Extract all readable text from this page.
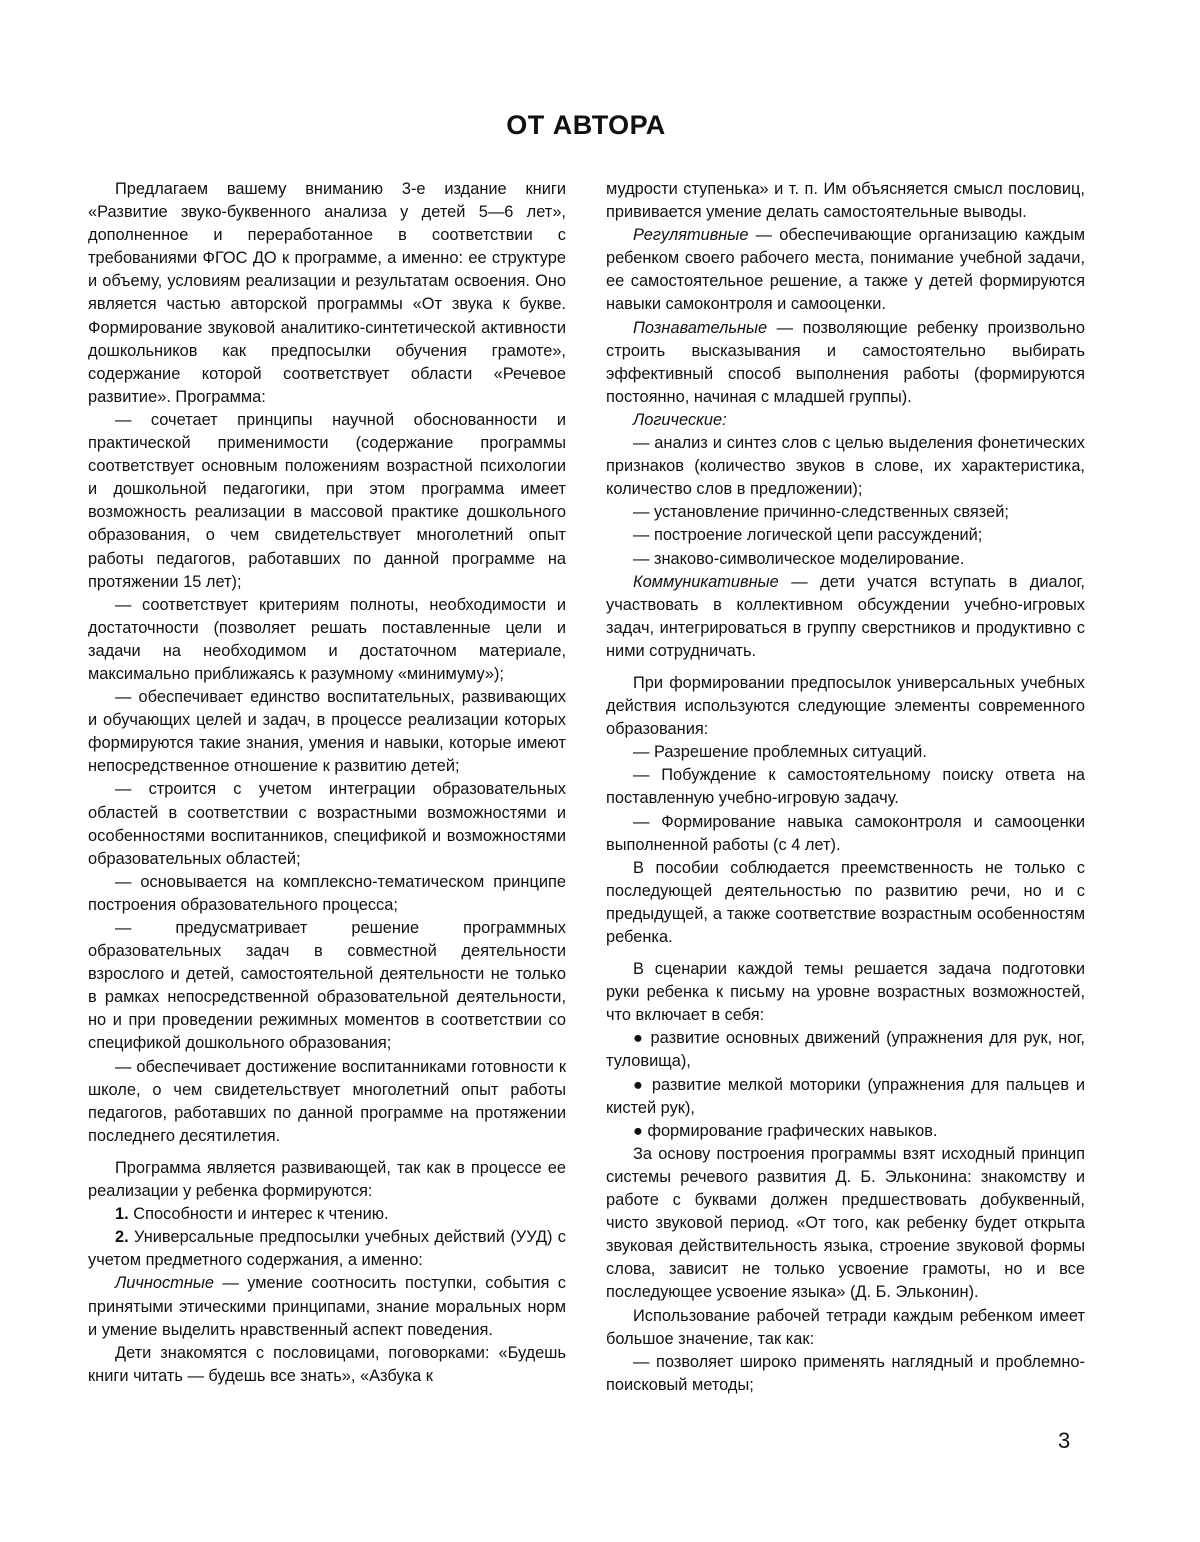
ОТ АВТОРА

Предлагаем вашему вниманию 3-е издание книги «Развитие звуко-буквенного анализа у детей 5—6 лет», дополненное и переработанное в соответствии с требованиями ФГОС ДО к программе, а именно: ее структуре и объему, условиям реализации и результатам освоения. Оно является частью авторской программы «От звука к букве. Формирование звуковой аналитико-синтетической активности дошкольников как предпосылки обучения грамоте», содержание которой соответствует области «Речевое развитие». Программа:

— сочетает принципы научной обоснованности и практической применимости (содержание программы соответствует основным положениям возрастной психологии и дошкольной педагогики, при этом программа имеет возможность реализации в массовой практике дошкольного образования, о чем свидетельствует многолетний опыт работы педагогов, работавших по данной программе на протяжении 15 лет);

— соответствует критериям полноты, необходимости и достаточности (позволяет решать поставленные цели и задачи на необходимом и достаточном материале, максимально приближаясь к разумному «минимуму»);

— обеспечивает единство воспитательных, развивающих и обучающих целей и задач, в процессе реализации которых формируются такие знания, умения и навыки, которые имеют непосредственное отношение к развитию детей;

— строится с учетом интеграции образовательных областей в соответствии с возрастными возможностями и особенностями воспитанников, спецификой и возможностями образовательных областей;

— основывается на комплексно-тематическом принципе построения образовательного процесса;

— предусматривает решение программных образовательных задач в совместной деятельности взрослого и детей, самостоятельной деятельности не только в рамках непосредственной образовательной деятельности, но и при проведении режимных моментов в соответствии со спецификой дошкольного образования;

— обеспечивает достижение воспитанниками готовности к школе, о чем свидетельствует многолетний опыт работы педагогов, работавших по данной программе на протяжении последнего десятилетия.

Программа является развивающей, так как в процессе ее реализации у ребенка формируются:

1. Способности и интерес к чтению.

2. Универсальные предпосылки учебных действий (УУД) с учетом предметного содержания, а именно:

Личностные — умение соотносить поступки, события с принятыми этическими принципами, знание моральных норм и умение выделить нравственный аспект поведения.

Дети знакомятся с пословицами, поговорками: «Будешь книги читать — будешь все знать», «Азбука к

мудрости ступенька» и т. п. Им объясняется смысл пословиц, прививается умение делать самостоятельные выводы.

Регулятивные — обеспечивающие организацию каждым ребенком своего рабочего места, понимание учебной задачи, ее самостоятельное решение, а также у детей формируются навыки самоконтроля и самооценки.

Познавательные — позволяющие ребенку произвольно строить высказывания и самостоятельно выбирать эффективный способ выполнения работы (формируются постоянно, начиная с младшей группы).

Логические:

— анализ и синтез слов с целью выделения фонетических признаков (количество звуков в слове, их характеристика, количество слов в предложении);

— установление причинно-следственных связей;

— построение логической цепи рассуждений;

— знаково-символическое моделирование.

Коммуникативные — дети учатся вступать в диалог, участвовать в коллективном обсуждении учебно-игровых задач, интегрироваться в группу сверстников и продуктивно с ними сотрудничать.

При формировании предпосылок универсальных учебных действия используются следующие элементы современного образования:

— Разрешение проблемных ситуаций.

— Побуждение к самостоятельному поиску ответа на поставленную учебно-игровую задачу.

— Формирование навыка самоконтроля и самооценки выполненной работы (с 4 лет).

В пособии соблюдается преемственность не только с последующей деятельностью по развитию речи, но и с предыдущей, а также соответствие возрастным особенностям ребенка.

В сценарии каждой темы решается задача подготовки руки ребенка к письму на уровне возрастных возможностей, что включает в себя:

● развитие основных движений (упражнения для рук, ног, туловища),

● развитие мелкой моторики (упражнения для пальцев и кистей рук),

● формирование графических навыков.

За основу построения программы взят исходный принцип системы речевого развития Д. Б. Эльконина: знакомству и работе с буквами должен предшествовать добуквенный, чисто звуковой период. «От того, как ребенку будет открыта звуковая действительность языка, строение звуковой формы слова, зависит не только усвоение грамоты, но и все последующее усвоение языка» (Д. Б. Эльконин).

Использование рабочей тетради каждым ребенком имеет большое значение, так как:

— позволяет широко применять наглядный и проблемно-поисковый методы;

3
